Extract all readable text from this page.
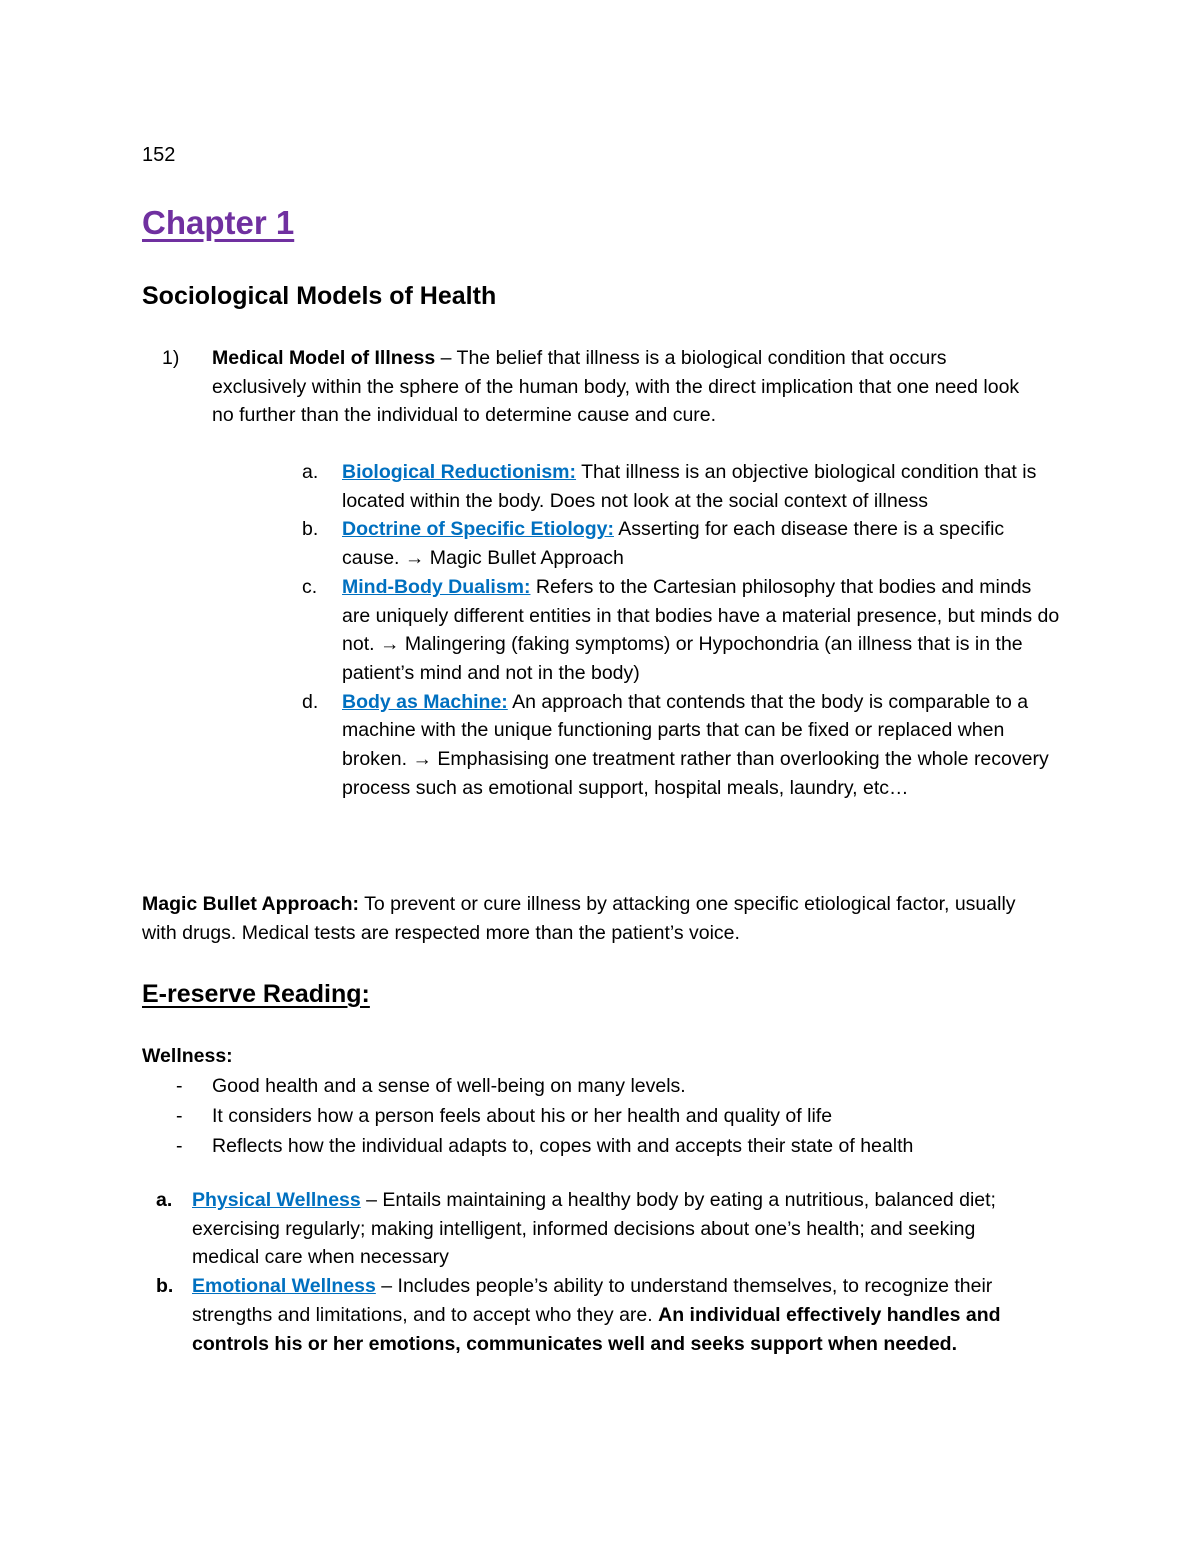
152
Chapter 1
Sociological Models of Health
1) Medical Model of Illness – The belief that illness is a biological condition that occurs exclusively within the sphere of the human body, with the direct implication that one need look no further than the individual to determine cause and cure.
a. Biological Reductionism: That illness is an objective biological condition that is located within the body. Does not look at the social context of illness
b. Doctrine of Specific Etiology: Asserting for each disease there is a specific cause. → Magic Bullet Approach
c. Mind-Body Dualism: Refers to the Cartesian philosophy that bodies and minds are uniquely different entities in that bodies have a material presence, but minds do not. → Malingering (faking symptoms) or Hypochondria (an illness that is in the patient’s mind and not in the body)
d. Body as Machine: An approach that contends that the body is comparable to a machine with the unique functioning parts that can be fixed or replaced when broken. → Emphasising one treatment rather than overlooking the whole recovery process such as emotional support, hospital meals, laundry, etc…
Magic Bullet Approach: To prevent or cure illness by attacking one specific etiological factor, usually with drugs. Medical tests are respected more than the patient’s voice.
E-reserve Reading:
Wellness:
- Good health and a sense of well-being on many levels.
- It considers how a person feels about his or her health and quality of life
- Reflects how the individual adapts to, copes with and accepts their state of health
a. Physical Wellness – Entails maintaining a healthy body by eating a nutritious, balanced diet; exercising regularly; making intelligent, informed decisions about one’s health; and seeking medical care when necessary
b. Emotional Wellness – Includes people’s ability to understand themselves, to recognize their strengths and limitations, and to accept who they are. An individual effectively handles and controls his or her emotions, communicates well and seeks support when needed.
